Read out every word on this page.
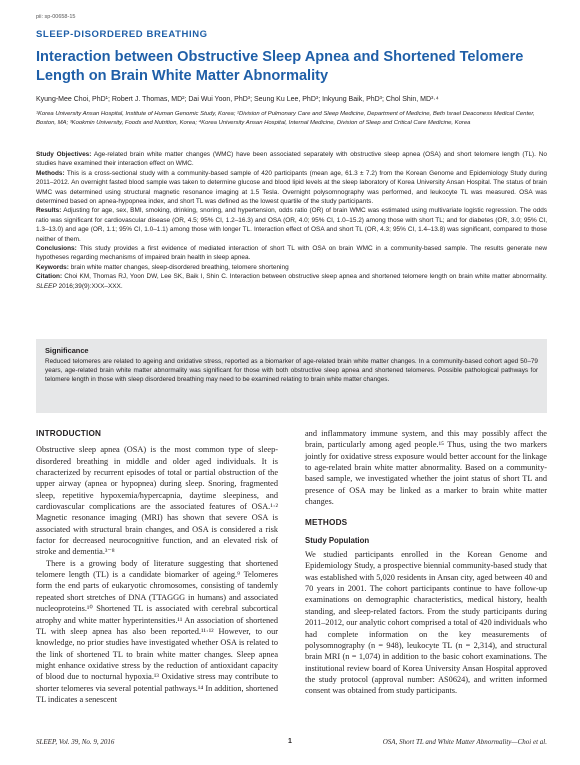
pii: sp-00658-15
SLEEP-DISORDERED BREATHING
Interaction between Obstructive Sleep Apnea and Shortened Telomere Length on Brain White Matter Abnormality
Kyung-Mee Choi, PhD¹; Robert J. Thomas, MD²; Dai Wui Yoon, PhD³; Seung Ku Lee, PhD³; Inkyung Baik, PhD³; Chol Shin, MD³·⁴
¹Korea University Ansan Hospital, Institute of Human Genomic Study, Korea; ²Division of Pulmonary Care and Sleep Medicine, Department of Medicine, Beth Israel Deaconess Medical Center, Boston, MA; ³Kookmin University, Foods and Nutrition, Korea; ⁴Korea University Ansan Hospital, Internal Medicine, Division of Sleep and Critical Care Medicine, Korea

Study Objectives: Age-related brain white matter changes (WMC) have been associated separately with obstructive sleep apnea (OSA) and short telomere length (TL). No studies have examined their interaction effect on WMC.

Methods: This is a cross-sectional study with a community-based sample of 420 participants (mean age, 61.3 ± 7.2) from the Korean Genome and Epidemiology Study during 2011–2012. An overnight fasted blood sample was taken to determine glucose and blood lipid levels at the sleep laboratory of Korea University Ansan Hospital. The status of brain WMC was determined using structural magnetic resonance imaging at 1.5 Tesla. Overnight polysomnography was performed, and leukocyte TL was measured. OSA was determined based on apnea-hypopnea index, and short TL was defined as the lowest quartile of the study participants.

Results: Adjusting for age, sex, BMI, smoking, drinking, snoring, and hypertension, odds ratio (OR) of brain WMC was estimated using multivariate logistic regression. The odds ratio was significant for cardiovascular disease (OR, 4.5; 95% CI, 1.2–16.3) and OSA (OR, 4.0; 95% CI, 1.0–15.2) among those with short TL; and for diabetes (OR, 3.0; 95% CI, 1.3–13.0) and age (OR, 1.1; 95% CI, 1.0–1.1) among those with longer TL. Interaction effect of OSA and short TL (OR, 4.3; 95% CI, 1.4–13.8) was significant, compared to those neither of them.

Conclusions: This study provides a first evidence of mediated interaction of short TL with OSA on brain WMC in a community-based sample. The results generate new hypotheses regarding mechanisms of impaired brain health in sleep apnea.

Keywords: brain white matter changes, sleep-disordered breathing, telomere shortening

Citation: Choi KM, Thomas RJ, Yoon DW, Lee SK, Baik I, Shin C. Interaction between obstructive sleep apnea and shortened telomere length on brain white matter abnormality. SLEEP 2016;39(9):XXX–XXX.

Significance
Reduced telomeres are related to ageing and oxidative stress, reported as a biomarker of age-related brain white matter changes. In a community-based cohort aged 50–79 years, age-related brain white matter abnormality was significant for those with both obstructive sleep apnea and shortened telomeres. Possible pathological pathways for telomere length in those with sleep disordered breathing may need to be examined relating to brain white matter changes.
INTRODUCTION

Obstructive sleep apnea (OSA) is the most common type of sleep-disordered breathing in middle and older aged individuals. It is characterized by recurrent episodes of total or partial obstruction of the upper airway (apnea or hypopnea) during sleep. Snoring, fragmented sleep, repetitive hypoxemia/hypercapnia, daytime sleepiness, and cardiovascular complications are the associated features of OSA.¹·² Magnetic resonance imaging (MRI) has shown that severe OSA is associated with structural brain changes, and OSA is considered a risk factor for decreased neurocognitive function, and an elevated risk of stroke and dementia.³⁻⁸

There is a growing body of literature suggesting that shortened telomere length (TL) is a candidate biomarker of ageing.⁹ Telomeres form the end parts of eukaryotic chromosomes, consisting of tandemly repeated short stretches of DNA (TTAGGG in humans) and associated nucleoproteins.¹⁰ Shortened TL is associated with cerebral subcortical atrophy and white matter hyperintensities.¹¹ An association of shortened TL with sleep apnea has also been reported.¹¹·¹² However, to our knowledge, no prior studies have investigated whether OSA is related to the link of shortened TL to brain white matter changes. Sleep apnea might enhance oxidative stress by the reduction of antioxidant capacity of blood due to nocturnal hypoxia.¹³ Oxidative stress may contribute to shorter telomeres via several potential pathways.¹⁴ In addition, shortened TL indicates a senescent

and inflammatory immune system, and this may possibly affect the brain, particularly among aged people.¹⁵ Thus, using the two markers jointly for oxidative stress exposure would better account for the linkage to age-related brain white matter abnormality. Based on a community-based sample, we investigated whether the joint status of short TL and presence of OSA may be linked as a marker to brain white matter changes.

METHODS
Study Population

We studied participants enrolled in the Korean Genome and Epidemiology Study, a prospective biennial community-based study that was established with 5,020 residents in Ansan city, aged between 40 and 70 years in 2001. The cohort participants continue to have follow-up examinations on demographic characteristics, medical history, health standing, and sleep-related factors. From the study participants during 2011–2012, our analytic cohort comprised a total of 420 individuals who had complete information on the key measurements of polysomnography (n = 948), leukocyte TL (n = 2,314), and structural brain MRI (n = 1,074) in addition to the basic cohort examinations. The institutional review board of Korea University Ansan Hospital approved the study protocol (approval number: AS0624), and written informed consent was obtained from study participants.

SLEEP, Vol. 39, No. 9, 2016	1	OSA, Short TL and White Matter Abnormality—Choi et al.
